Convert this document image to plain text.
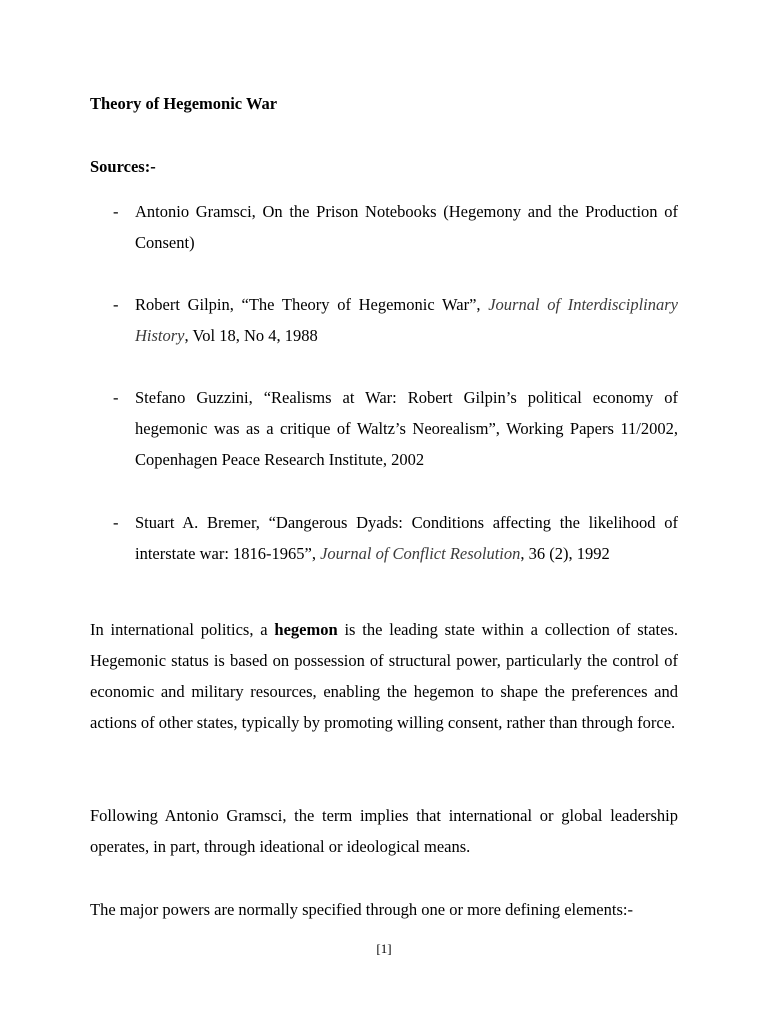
Theory of Hegemonic War
Sources:-
- Antonio Gramsci, On the Prison Notebooks (Hegemony and the Production of Consent)
- Robert Gilpin, “The Theory of Hegemonic War”, Journal of Interdisciplinary History, Vol 18, No 4, 1988
- Stefano Guzzini, “Realisms at War: Robert Gilpin’s political economy of hegemonic was as a critique of Waltz’s Neorealism”, Working Papers 11/2002, Copenhagen Peace Research Institute, 2002
- Stuart A. Bremer, “Dangerous Dyads: Conditions affecting the likelihood of interstate war: 1816-1965”, Journal of Conflict Resolution, 36 (2), 1992
In international politics, a hegemon is the leading state within a collection of states. Hegemonic status is based on possession of structural power, particularly the control of economic and military resources, enabling the hegemon to shape the preferences and actions of other states, typically by promoting willing consent, rather than through force.
Following Antonio Gramsci, the term implies that international or global leadership operates, in part, through ideational or ideological means.
The major powers are normally specified through one or more defining elements:-
[1]
